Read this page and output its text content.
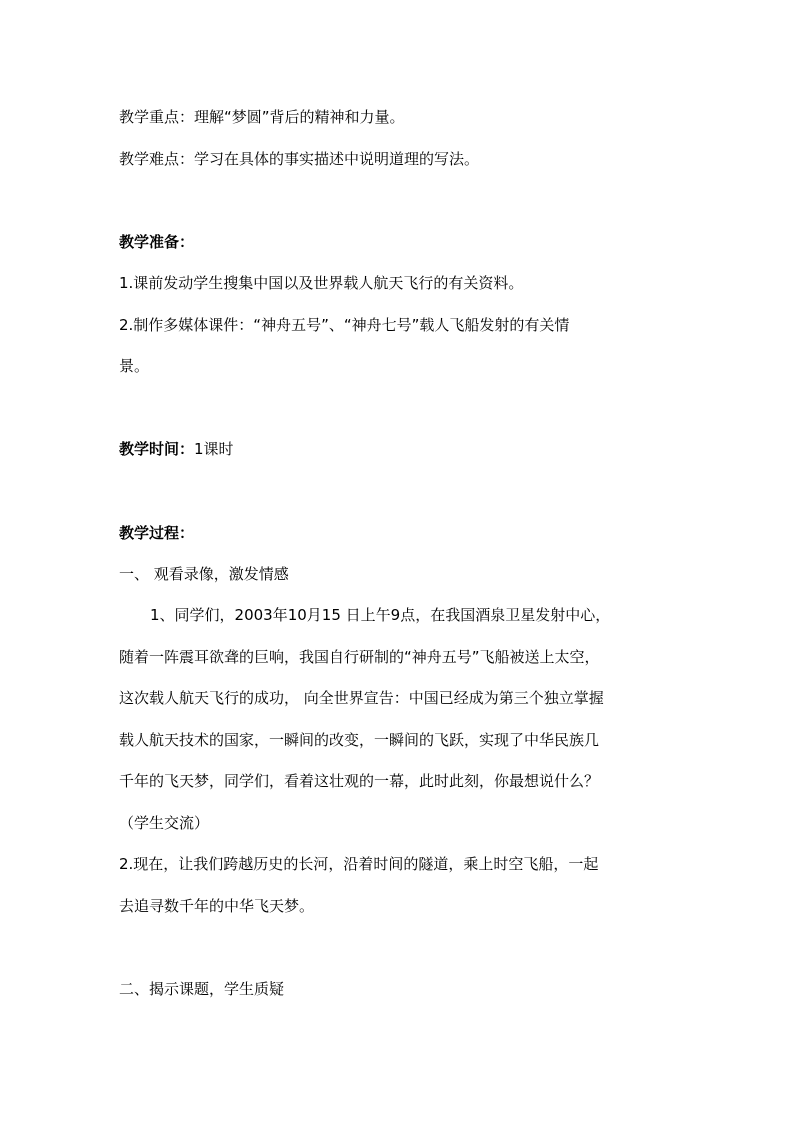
教学重点：理解“梦圆”背后的精神和力量。
教学难点：学习在具体的事实描述中说明道理的写法。
教学准备：
1.课前发动学生搜集中国以及世界载人航天飞行的有关资料。
2.制作多媒体课件：“神舟五号”、“神舟七号”载人飞船发射的有关情
景。
教学时间：1课时
教学过程：
一、 观看录像，激发情感
1、同学们，2003年10月15 日上午9点，在我国酒泉卫星发射中心，
随着一阵震耳欲聋的巨响，我国自行研制的“神舟五号”飞船被送上太空，
这次载人航天飞行的成功， 向全世界宣告：中国已经成为第三个独立掌握
载人航天技术的国家，一瞬间的改变，一瞬间的飞跃，实现了中华民族几
千年的飞天梦，同学们，看着这壮观的一幕，此时此刻，你最想说什么？
（学生交流）
2.现在，让我们跨越历史的长河，沿着时间的隧道，乘上时空飞船，一起
去追寻数千年的中华飞天梦。
二、揭示课题，学生质疑
